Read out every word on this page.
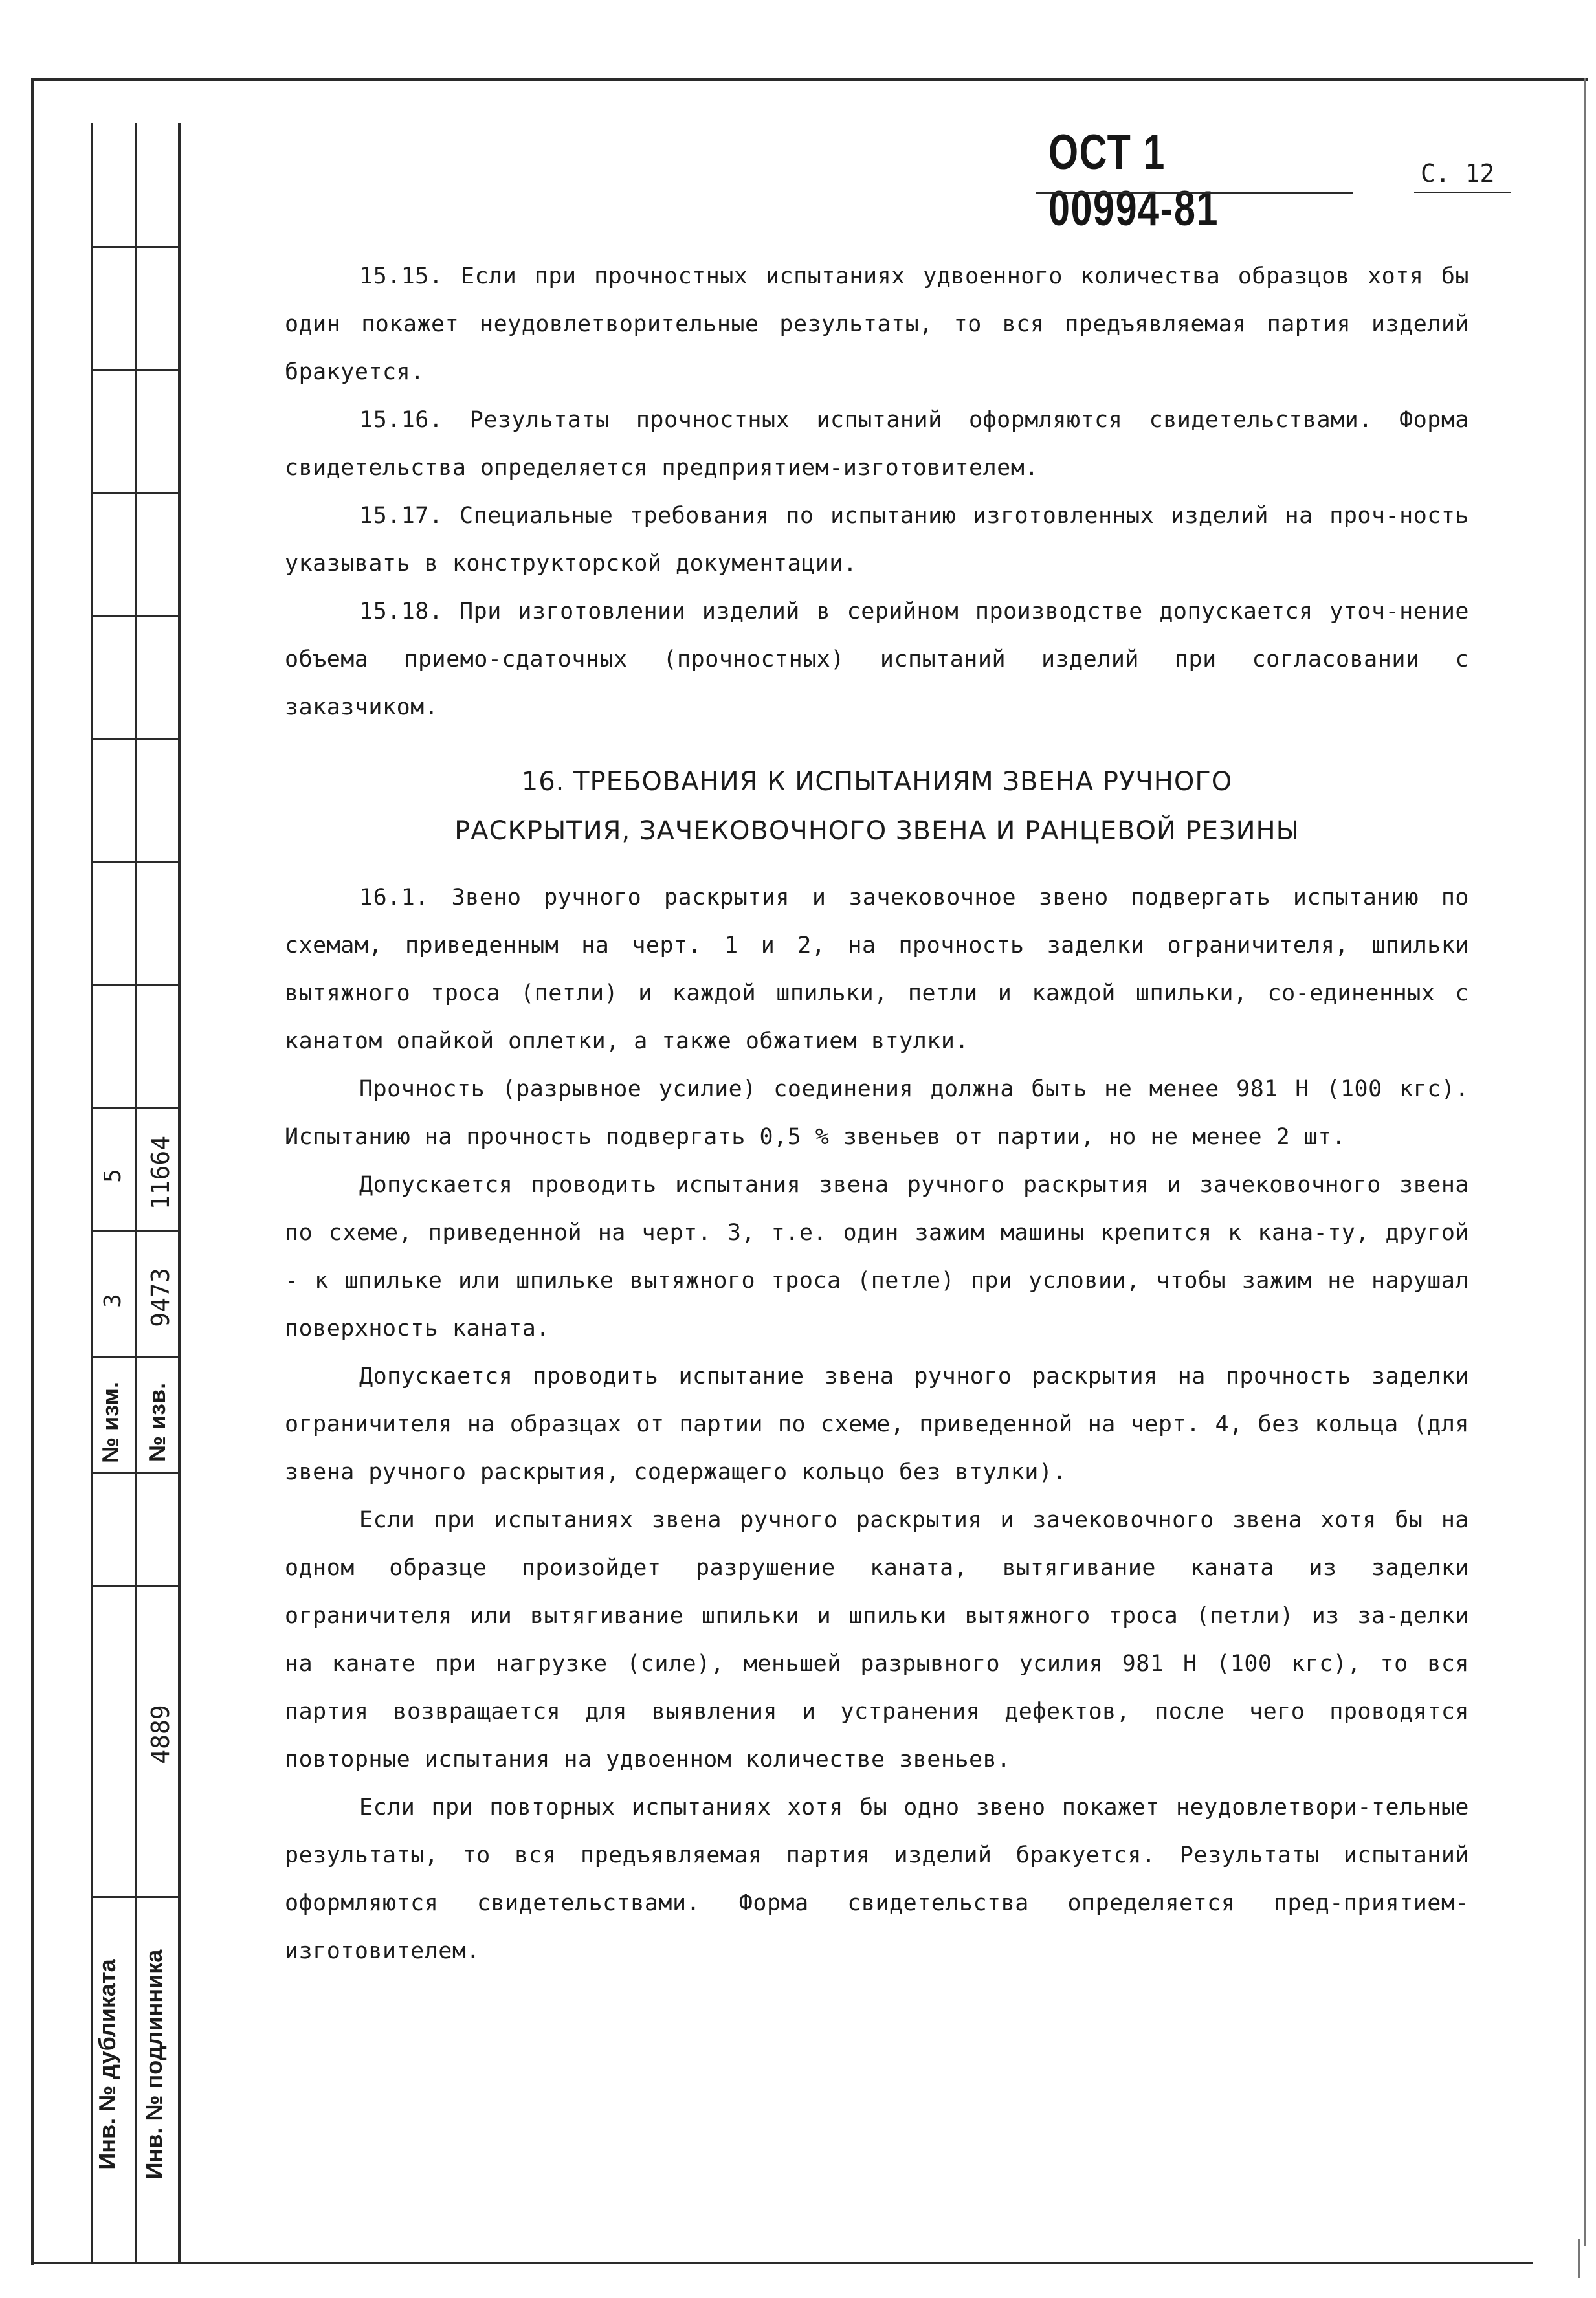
№ изм. № изв.
3 9473
5 11664
4889
Инв. № дубликата Инв. № подлинника
ОСТ 1 00994-81
С. 12

15.15. Если при прочностных испытаниях удвоенного количества образцов хотя бы один покажет неудовлетворительные результаты, то вся предъявляемая партия изделий бракуется.

15.16. Результаты прочностных испытаний оформляются свидетельствами. Форма свидетельства определяется предприятием-изготовителем.

15.17. Специальные требования по испытанию изготовленных изделий на проч-ность указывать в конструкторской документации.

15.18. При изготовлении изделий в серийном производстве допускается уточ-нение объема приемо-сдаточных (прочностных) испытаний изделий при согласовании с заказчиком.

16. ТРЕБОВАНИЯ К ИСПЫТАНИЯМ ЗВЕНА РУЧНОГО
РАСКРЫТИЯ, ЗАЧЕКОВОЧНОГО ЗВЕНА И РАНЦЕВОЙ РЕЗИНЫ

16.1. Звено ручного раскрытия и зачековочное звено подвергать испытанию по схемам, приведенным на черт. 1 и 2, на прочность заделки ограничителя, шпильки вытяжного троса (петли) и каждой шпильки, петли и каждой шпильки, со-единенных с канатом опайкой оплетки, а также обжатием втулки.

Прочность (разрывное усилие) соединения должна быть не менее 981 Н (100 кгс). Испытанию на прочность подвергать 0,5 % звеньев от партии, но не менее 2 шт.

Допускается проводить испытания звена ручного раскрытия и зачековочного звена по схеме, приведенной на черт. 3, т.е. один зажим машины крепится к кана-ту, другой - к шпильке или шпильке вытяжного троса (петле) при условии, чтобы зажим не нарушал поверхность каната.

Допускается проводить испытание звена ручного раскрытия на прочность заделки ограничителя на образцах от партии по схеме, приведенной на черт. 4, без кольца (для звена ручного раскрытия, содержащего кольцо без втулки).

Если при испытаниях звена ручного раскрытия и зачековочного звена хотя бы на одном образце произойдет разрушение каната, вытягивание каната из заделки ограничителя или вытягивание шпильки и шпильки вытяжного троса (петли) из за-делки на канате при нагрузке (силе), меньшей разрывного усилия 981 Н (100 кгс), то вся партия возвращается для выявления и устранения дефектов, после чего проводятся повторные испытания на удвоенном количестве звеньев.

Если при повторных испытаниях хотя бы одно звено покажет неудовлетвори-тельные результаты, то вся предъявляемая партия изделий бракуется. Результаты испытаний оформляются свидетельствами. Форма свидетельства определяется пред-приятием-изготовителем.
